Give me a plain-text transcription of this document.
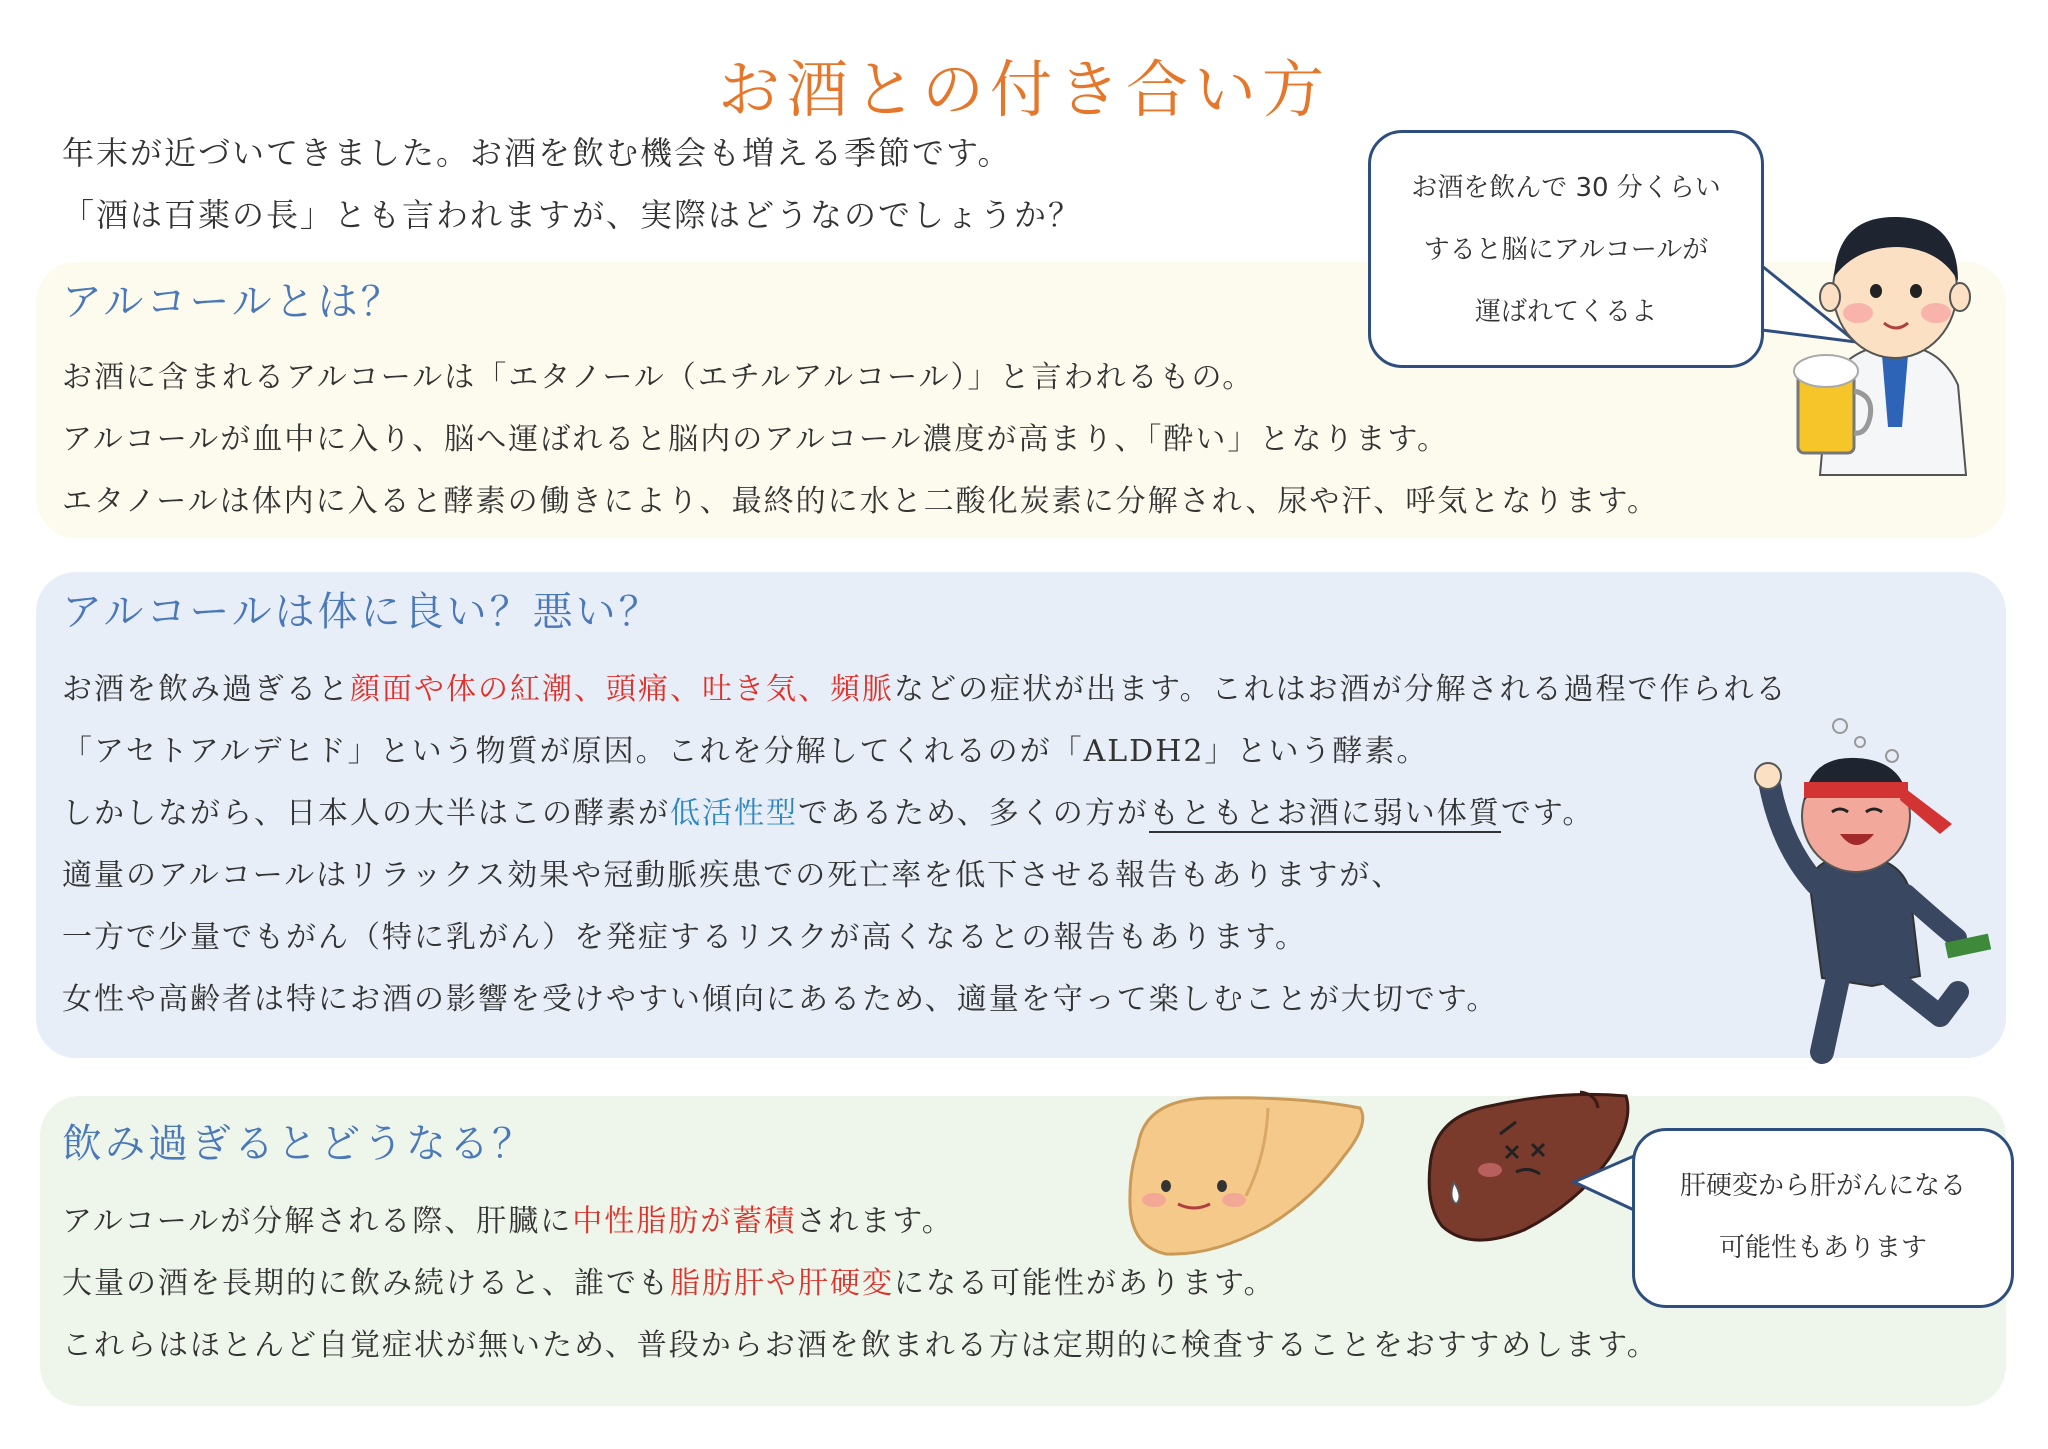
お酒との付き合い方
年末が近づいてきました。お酒を飲む機会も増える季節です。
「酒は百薬の長」とも言われますが、実際はどうなのでしょうか？
アルコールとは？
お酒に含まれるアルコールは「エタノール（エチルアルコール）」と言われるもの。
アルコールが血中に入り、脳へ運ばれると脳内のアルコール濃度が高まり、「酔い」となります。
エタノールは体内に入ると酵素の働きにより、最終的に水と二酸化炭素に分解され、尿や汗、呼気となります。
お酒を飲んで 30 分くらい
すると脳にアルコールが
運ばれてくるよ
アルコールは体に良い？悪い？
お酒を飲み過ぎると顔面や体の紅潮、頭痛、吐き気、頻脈などの症状が出ます。これはお酒が分解される過程で作られる
「アセトアルデヒド」という物質が原因。これを分解してくれるのが「ALDH2」という酵素。
しかしながら、日本人の大半はこの酵素が低活性型であるため、多くの方がもともとお酒に弱い体質です。
適量のアルコールはリラックス効果や冠動脈疾患での死亡率を低下させる報告もありますが、
一方で少量でもがん（特に乳がん）を発症するリスクが高くなるとの報告もあります。
女性や高齢者は特にお酒の影響を受けやすい傾向にあるため、適量を守って楽しむことが大切です。
飲み過ぎるとどうなる？
アルコールが分解される際、肝臓に中性脂肪が蓄積されます。
大量の酒を長期的に飲み続けると、誰でも脂肪肝や肝硬変になる可能性があります。
これらはほとんど自覚症状が無いため、普段からお酒を飲まれる方は定期的に検査することをおすすめします。
肝硬変から肝がんになる
可能性もあります
